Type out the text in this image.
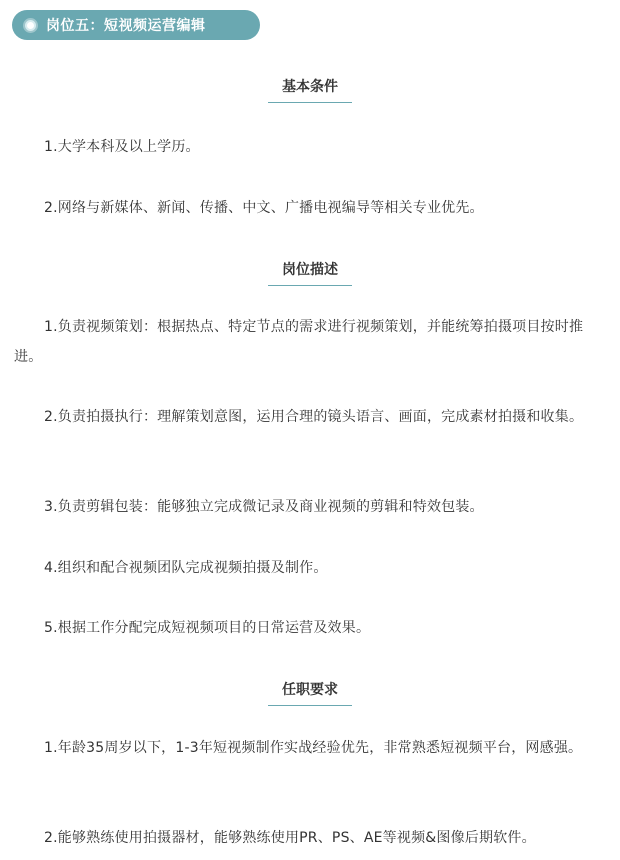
岗位五：短视频运营编辑
基本条件

1.大学本科及以上学历。

2.网络与新媒体、新闻、传播、中文、广播电视编导等相关专业优先。

岗位描述

1.负责视频策划：根据热点、特定节点的需求进行视频策划，并能统筹拍摄项目按时推进。

2.负责拍摄执行：理解策划意图，运用合理的镜头语言、画面，完成素材拍摄和收集。

3.负责剪辑包装：能够独立完成微记录及商业视频的剪辑和特效包装。

4.组织和配合视频团队完成视频拍摄及制作。

5.根据工作分配完成短视频项目的日常运营及效果。

任职要求

1.年龄35周岁以下，1-3年短视频制作实战经验优先，非常熟悉短视频平台，网感强。

2.能够熟练使用拍摄器材，能够熟练使用PR、PS、AE等视频&图像后期软件。
